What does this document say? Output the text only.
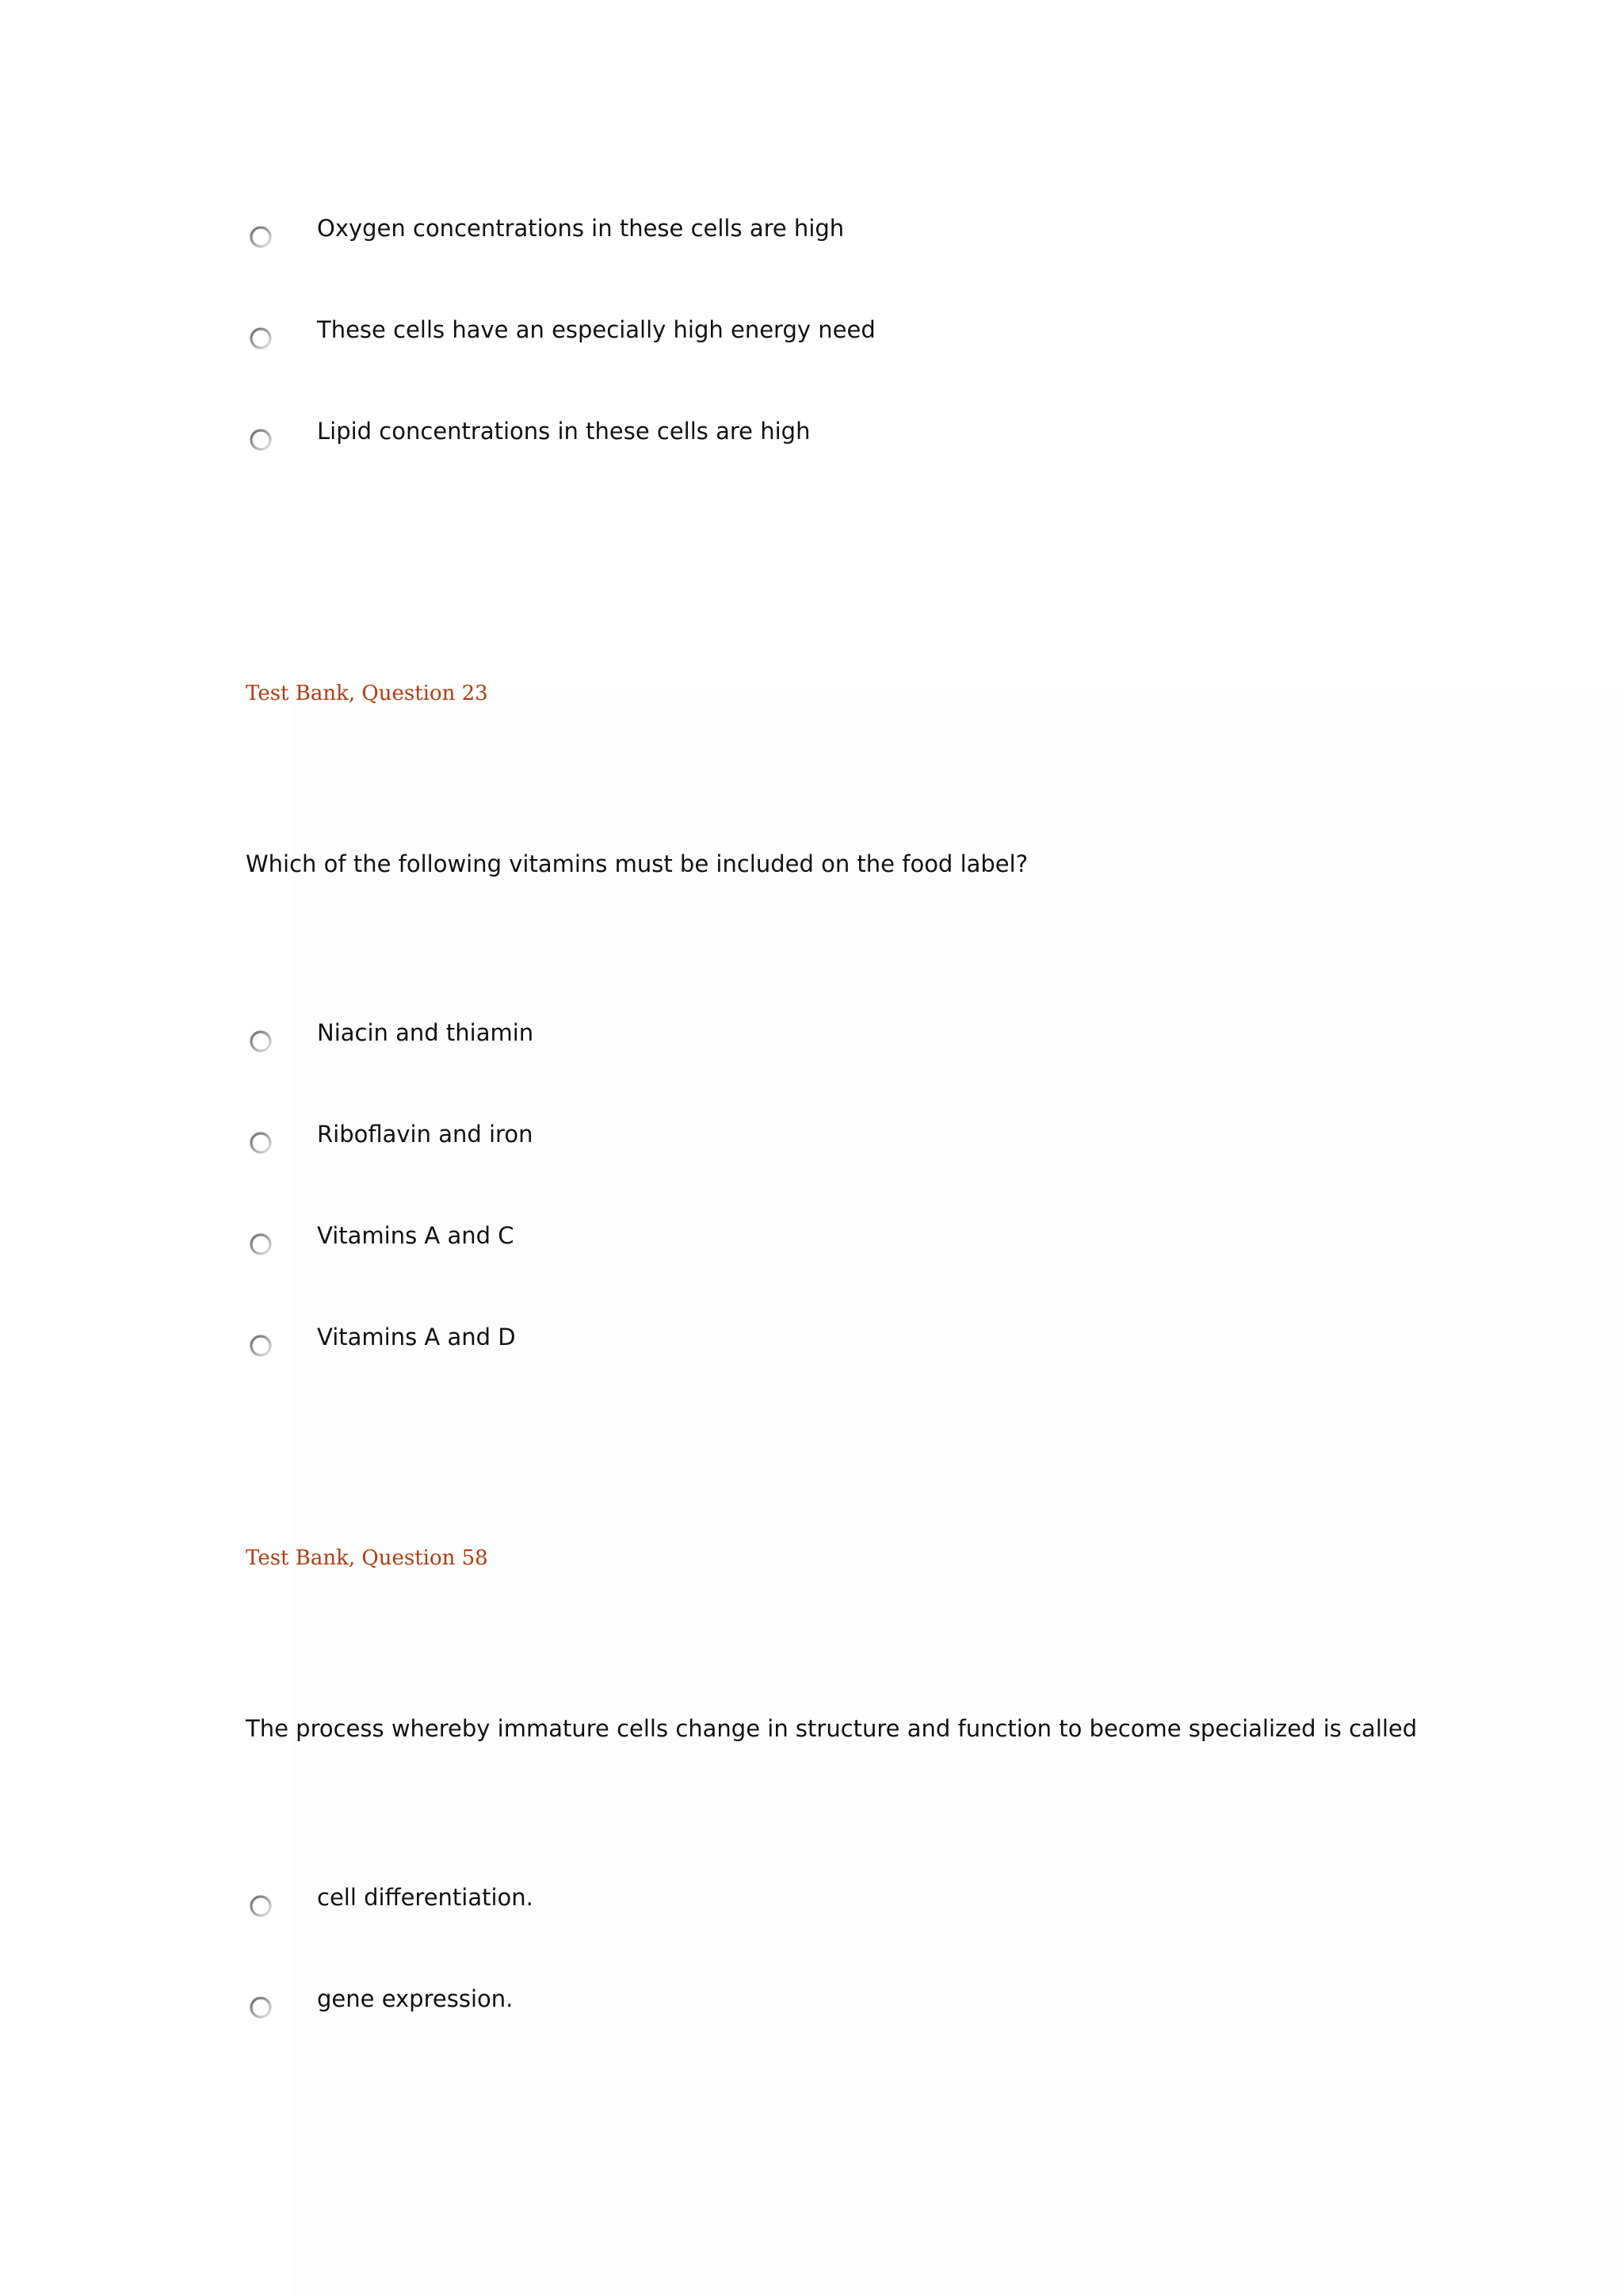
Oxygen concentrations in these cells are high
These cells have an especially high energy need
Lipid concentrations in these cells are high
Test Bank, Question 23
Which of the following vitamins must be included on the food label?
Niacin and thiamin
Riboflavin and iron
Vitamins A and C
Vitamins A and D
Test Bank, Question 58
The process whereby immature cells change in structure and function to become specialized is called
cell differentiation.
gene expression.
